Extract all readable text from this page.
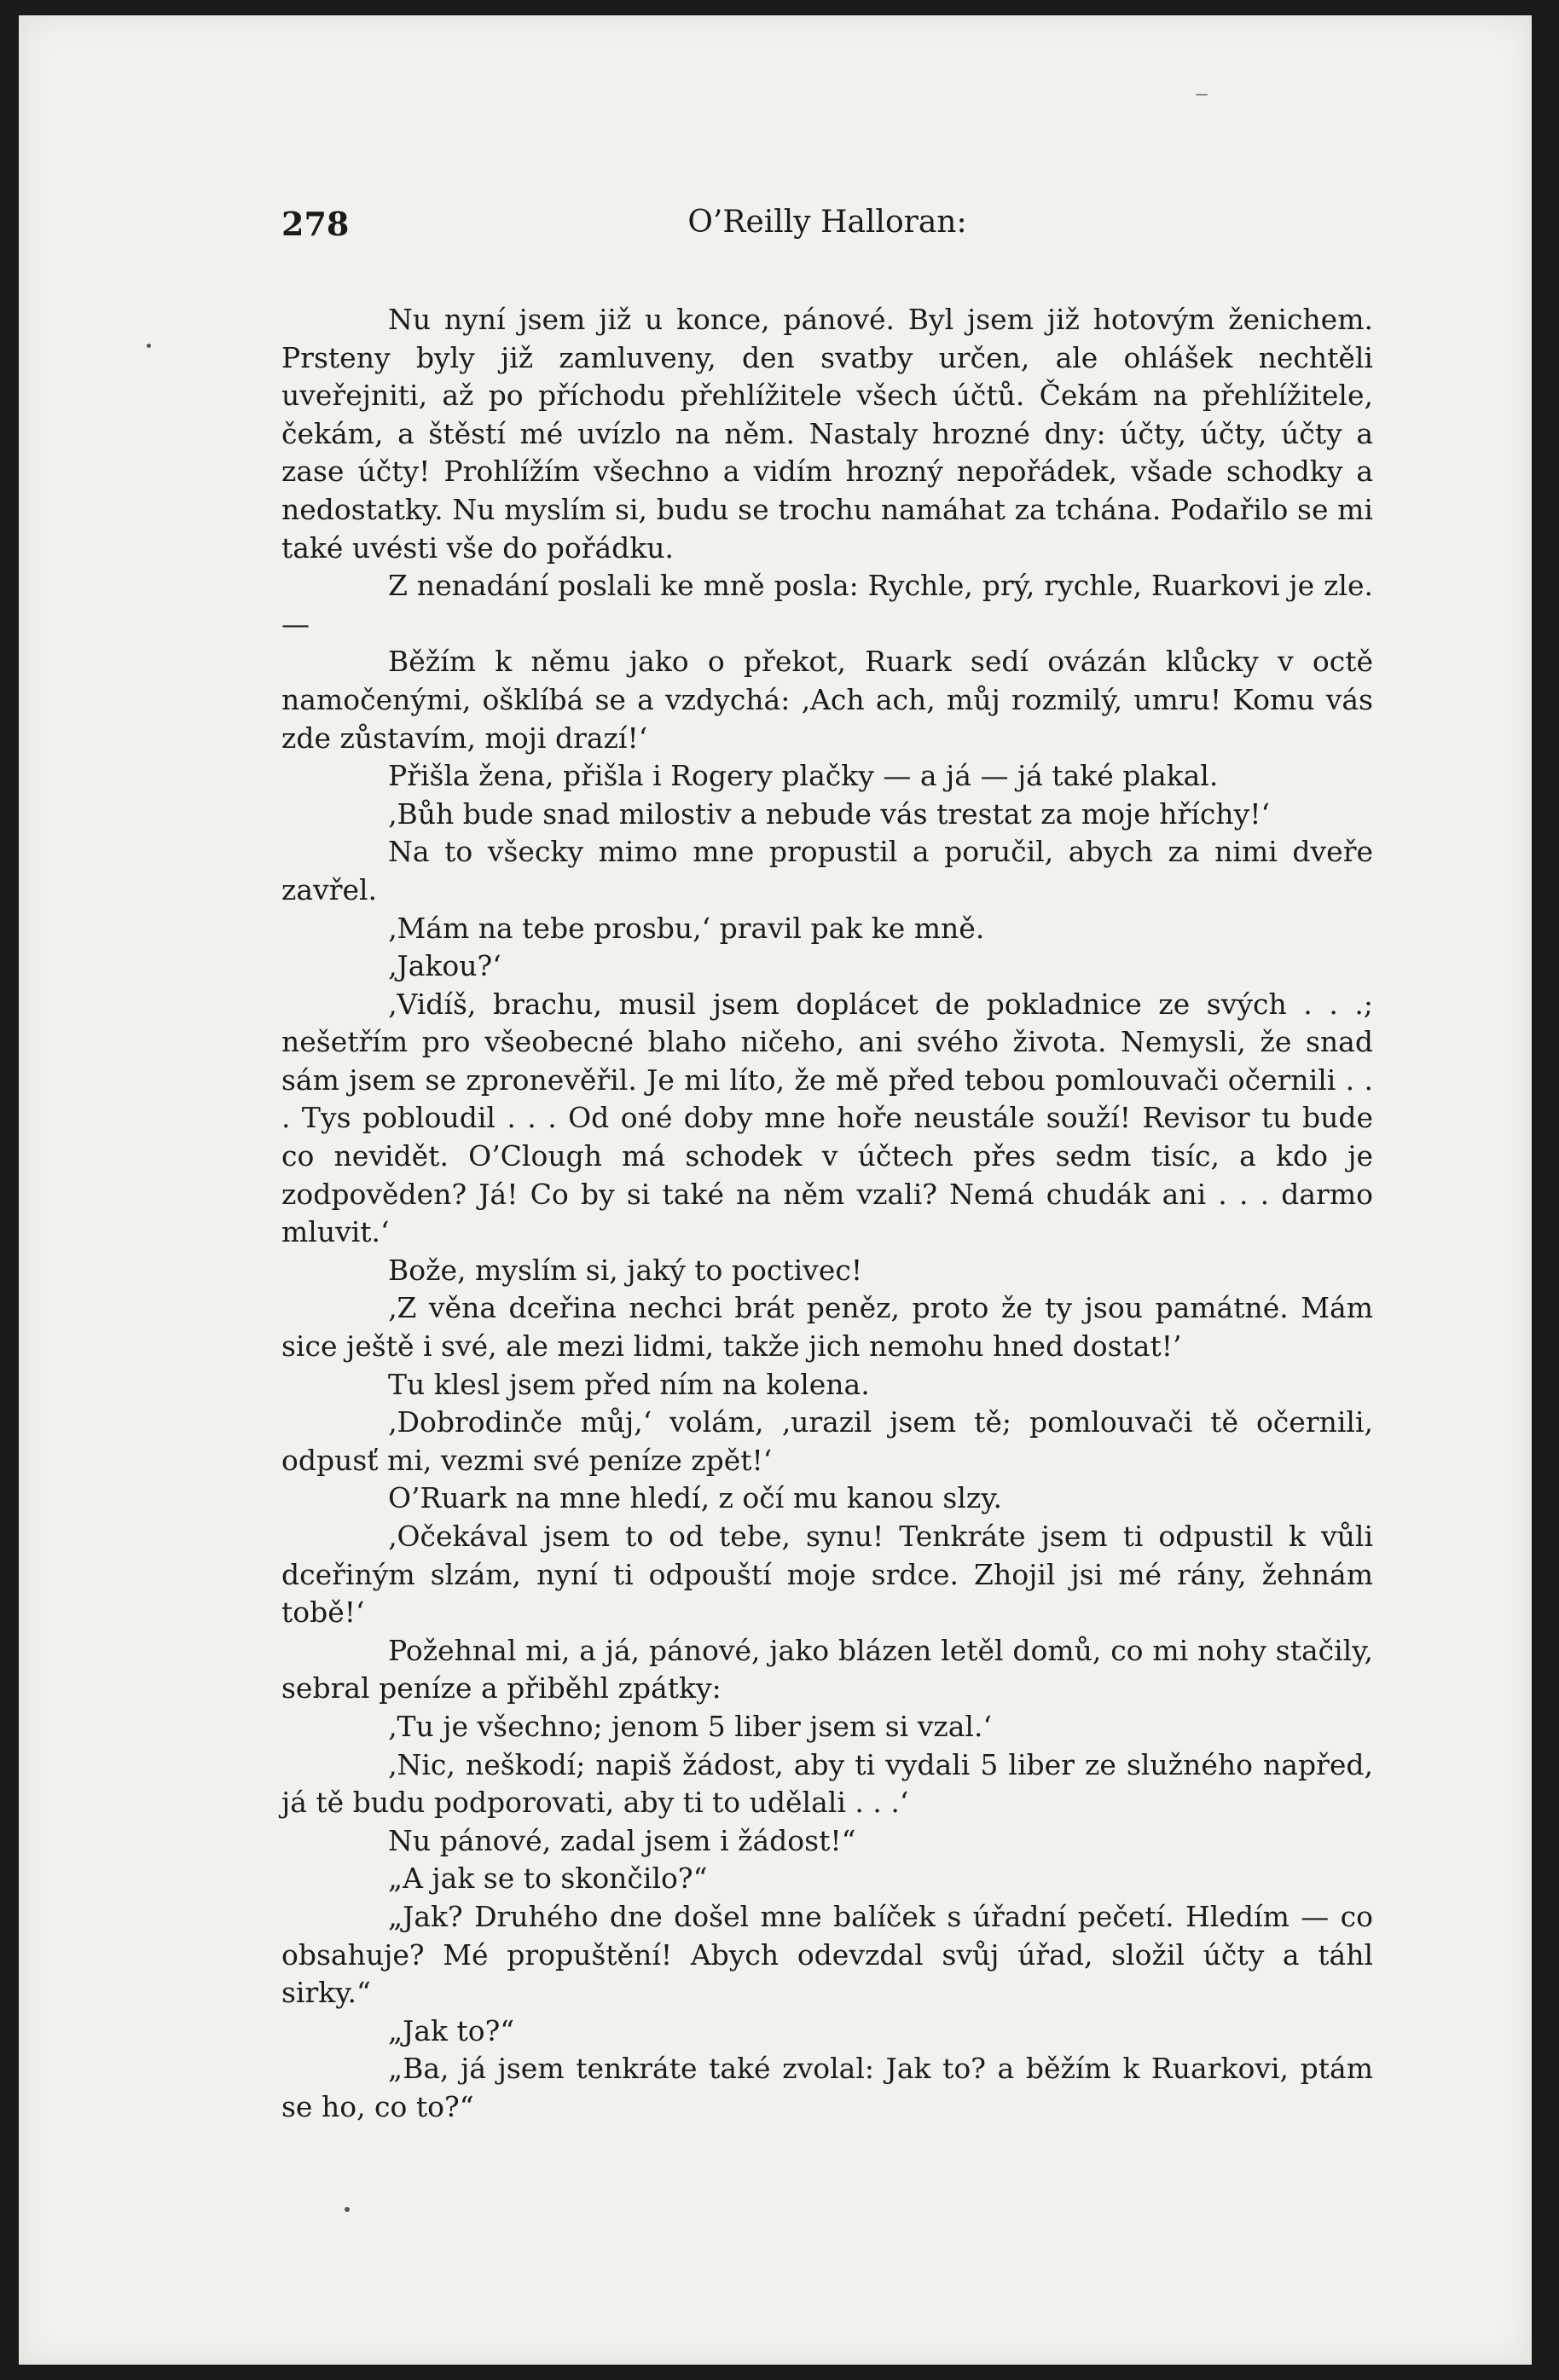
278	O’Reilly Halloran:

Nu nyní jsem již u konce, pánové. Byl jsem již hotovým ženichem. Prsteny byly již zamluveny, den svatby určen, ale ohlášek nechtěli uveřejniti, až po příchodu přehlížitele všech účtů. Čekám na přehlížitele, čekám, a štěstí mé uvízlo na něm. Nastaly hrozné dny: účty, účty, účty a zase účty! Prohlížím všechno a vidím hrozný nepořádek, všade schodky a nedostatky. Nu myslím si, budu se trochu namáhat za tchána. Podařilo se mi také uvésti vše do pořádku.

Z nenadání poslali ke mně posla: Rychle, prý, rychle, Ruarkovi je zle. —

Běžím k němu jako o překot, Ruark sedí ovázán klůcky v octě namočenými, ošklíbá se a vzdychá: ‚Ach ach, můj rozmilý, umru! Komu vás zde zůstavím, moji drazí!‘

Přišla žena, přišla i Rogery plačky — a já — já také plakal.

‚Bůh bude snad milostiv a nebude vás trestat za moje hříchy!‘

Na to všecky mimo mne propustil a poručil, abych za nimi dveře zavřel.

‚Mám na tebe prosbu,‘ pravil pak ke mně.

‚Jakou?‘

‚Vidíš, brachu, musil jsem doplácet de pokladnice ze svých . . .; nešetřím pro všeobecné blaho ničeho, ani svého života. Nemysli, že snad sám jsem se zpronevěřil. Je mi líto, že mě před tebou pomlouvači očernili . . . Tys pobloudil . . . Od oné doby mne hoře neustále souží! Revisor tu bude co nevidět. O’Clough má schodek v účtech přes sedm tisíc, a kdo je zodpověden? Já! Co by si také na něm vzali? Nemá chudák ani . . . darmo mluvit.‘

Bože, myslím si, jaký to poctivec!

‚Z věna dceřina nechci brát peněz, proto že ty jsou památné. Mám sice ještě i své, ale mezi lidmi, takže jich nemohu hned dostat!’

Tu klesl jsem před ním na kolena.

‚Dobrodinče můj,‘ volám, ‚urazil jsem tě; pomlouvači tě očernili, odpusť mi, vezmi své peníze zpět!‘

O’Ruark na mne hledí, z očí mu kanou slzy.

‚Očekával jsem to od tebe, synu! Tenkráte jsem ti odpustil k vůli dceřiným slzám, nyní ti odpouští moje srdce. Zhojil jsi mé rány, žehnám tobě!‘

Požehnal mi, a já, pánové, jako blázen letěl domů, co mi nohy stačily, sebral peníze a přiběhl zpátky:

‚Tu je všechno; jenom 5 liber jsem si vzal.‘

‚Nic, neškodí; napiš žádost, aby ti vydali 5 liber ze služného napřed, já tě budu podporovati, aby ti to udělali . . .‘

Nu pánové, zadal jsem i žádost!“

„A jak se to skončilo?“

„Jak? Druhého dne došel mne balíček s úřadní pečetí. Hledím — co obsahuje? Mé propuštění! Abych odevzdal svůj úřad, složil účty a táhl sirky.“

„Jak to?“

„Ba, já jsem tenkráte také zvolal: Jak to? a běžím k Ruarkovi, ptám se ho, co to?“
